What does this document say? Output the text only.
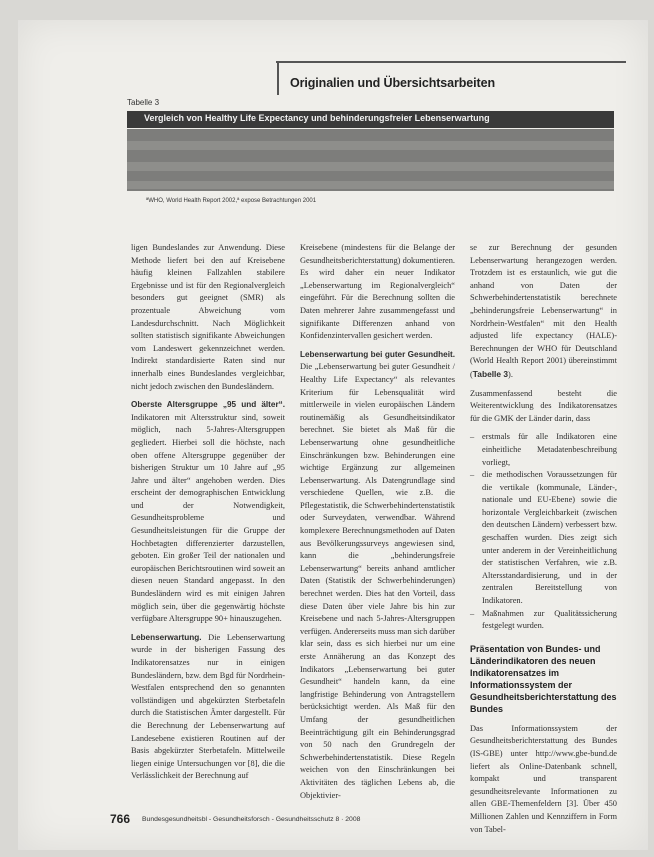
Originalien und Übersichtsarbeiten
Tabelle 3
Vergleich von Healthy Life Expectancy und behinderungsfreier Lebenserwartung
ªWHO, World Health Report 2002,ª expose Betrachtungen 2001

ligen Bundeslandes zur Anwendung. Diese Methode liefert bei den auf Kreisebene häufig kleinen Fallzahlen stabilere Ergebnisse und ist für den Regionalvergleich besonders gut geeignet (SMR) als prozentuale Abweichung vom Landesdurchschnitt. Nach Möglichkeit sollten statistisch signifikante Abweichungen vom Landeswert gekennzeichnet werden. Indirekt standardisierte Raten sind nur innerhalb eines Bundeslandes vergleichbar, nicht jedoch zwischen den Bundesländern.

Oberste Altersgruppe „95 und älter“. Indikatoren mit Altersstruktur sind, soweit möglich, nach 5-Jahres-Altersgruppen gegliedert. Hierbei soll die höchste, nach oben offene Altersgruppe gegenüber der bisherigen Struktur um 10 Jahre auf „95 Jahre und älter“ angehoben werden. Dies erscheint der demographischen Entwicklung und der Notwendigkeit, Gesundheitsprobleme und Gesundheitsleistungen für die Gruppe der Hochbetagten differenzierter darzustellen, geboten. Ein großer Teil der nationalen und europäischen Berichtsroutinen wird soweit an diesen neuen Standard angepasst. In den Bundesländern wird es mit einigen Jahren möglich sein, über die gegenwärtig höchste verfügbare Altersgruppe 90+ hinauszugehen.

Lebenserwartung. Die Lebenserwartung wurde in der bisherigen Fassung des Indikatorensatzes nur in einigen Bundesländern, bzw. dem Bgd für Nordrhein-Westfalen entsprechend den so genannten vollständigen und abgekürzten Sterbetafeln durch die Statistischen Ämter dargestellt. Für die Berechnung der Lebenserwartung auf Landesebene existieren Routinen auf der Basis abgekürzter Sterbetafeln. Mittelweile liegen einige Untersuchungen vor [8], die die Verlässlichkeit der Berechnung auf

Kreisebene (mindestens für die Belange der Gesundheitsberichterstattung) dokumentieren. Es wird daher ein neuer Indikator „Lebenserwartung im Regionalvergleich“ eingeführt. Für die Berechnung sollten die Daten mehrerer Jahre zusammengefasst und signifikante Differenzen anhand von Konfidenzintervallen gesichert werden.

Lebenserwartung bei guter Gesundheit. Die „Lebenserwartung bei guter Gesundheit / Healthy Life Expectancy“ als relevantes Kriterium für Lebensqualität wird mittlerweile in vielen europäischen Ländern routinemäßig als Gesundheitsindikator berechnet. Sie bietet als Maß für die Lebenserwartung ohne gesundheitliche Einschränkungen bzw. Behinderungen eine wichtige Ergänzung zur allgemeinen Lebenserwartung. Als Datengrundlage sind verschiedene Quellen, wie z.B. die Pflegestatistik, die Schwerbehindertenstatistik oder Surveydaten, verwendbar. Während komplexere Berechnungsmethoden auf Daten aus Bevölkerungssurveys angewiesen sind, kann die „behinderungsfreie Lebenserwartung“ bereits anhand amtlicher Daten (Statistik der Schwerbehinderungen) berechnet werden. Dies hat den Vorteil, dass diese Daten über viele Jahre bis hin zur Kreisebene und nach 5-Jahres-Altersgruppen verfügen. Andererseits muss man sich darüber klar sein, dass es sich hierbei nur um eine erste Annäherung an das Konzept des Indikators „Lebenserwartung bei guter Gesundheit“ handeln kann, da eine langfristige Behinderung von Antragstellern berücksichtigt werden. Als Maß für den Umfang der gesundheitlichen Beeinträchtigung gilt ein Behinderungsgrad von 50 nach den Grundregeln der Schwerbehindertenstatistik. Diese Regeln weichen von den Einschränkungen bei Aktivitäten des täglichen Lebens ab, die Objektivier-

se zur Berechnung der gesunden Lebenserwartung herangezogen werden. Trotzdem ist es erstaunlich, wie gut die anhand von Daten der Schwerbehindertenstatistik berechnete „behinderungsfreie Lebenserwartung“ in Nordrhein-Westfalen“ mit den Health adjusted life expectancy (HALE)-Berechnungen der WHO für Deutschland (World Health Report 2001) übereinstimmt (Tabelle 3).

Zusammenfassend besteht die Weiterentwicklung des Indikatorensatzes für die GMK der Länder darin, dass

– erstmals für alle Indikatoren eine einheitliche Metadatenbeschreibung vorliegt,
– die methodischen Voraussetzungen für die vertikale (kommunale, Länder-, nationale und EU-Ebene) sowie die horizontale Vergleichbarkeit (zwischen den deutschen Ländern) verbessert bzw. geschaffen wurden. Dies zeigt sich unter anderem in der Vereinheitlichung der statistischen Verfahren, wie z.B. Altersstandardisierung, und in der zentralen Bereitstellung von Indikatoren.
– Maßnahmen zur Qualitätssicherung festgelegt wurden.
Präsentation von Bundes- und Länderindikatoren des neuen Indikatorensatzes im Informationssystem der Gesundheitsberichterstattung des Bundes

Das Informationssystem der Gesundheitsberichterstattung des Bundes (IS-GBE) unter http://www.gbe-bund.de liefert als Online-Datenbank schnell, kompakt und transparent gesundheitsrelevante Informationen zu allen GBE-Themenfeldern [3]. Über 450 Millionen Zahlen und Kennziffern in Form von Tabel-

766 Bundesgesundheitsbl - Gesundheitsforsch - Gesundheitsschutz 8 · 2008
